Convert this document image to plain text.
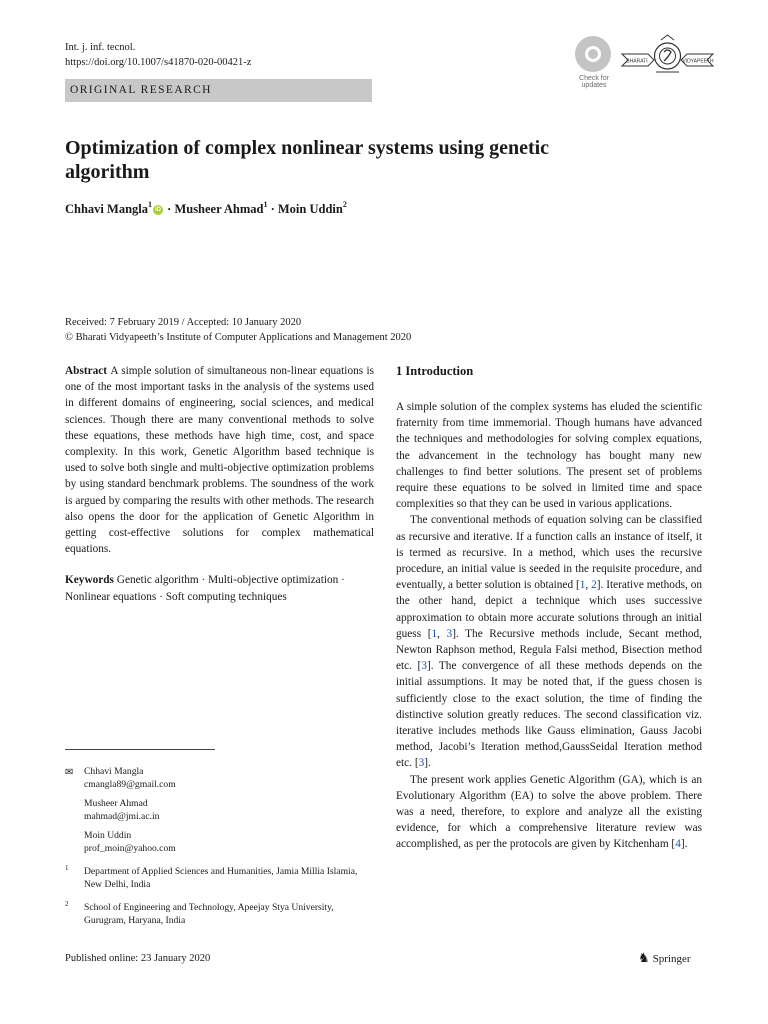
Int. j. inf. tecnol.
https://doi.org/10.1007/s41870-020-00421-z
Check for updates
BHARATI	VIDYAPEETH
ORIGINAL RESEARCH
Optimization of complex nonlinear systems using genetic algorithm
Chhavi Mangla$^1$iD · Musheer Ahmad$^1$ · Moin Uddin$^2$
Received: 7 February 2019 / Accepted: 10 January 2020
© Bharati Vidyapeeth’s Institute of Computer Applications and Management 2020

Abstract A simple solution of simultaneous non-linear equations is one of the most important tasks in the analysis of the systems used in different domains of engineering, social sciences, and medical sciences. Though there are many conventional methods to solve these equations, these methods have high time, cost, and space complexity. In this work, Genetic Algorithm based technique is used to solve both single and multi-objective optimization problems by using standard benchmark problems. The soundness of the work is argued by comparing the results with other methods. The research also opens the door for the application of Genetic Algorithm in getting cost-effective solutions for complex mathematical equations.

Keywords Genetic algorithm · Multi-objective optimization · Nonlinear equations · Soft computing techniques

✉ Chhavi Mangla
cmangla89@gmail.com
Musheer Ahmad
mahmad@jmi.ac.in
Moin Uddin
prof_moin@yahoo.com
1 Department of Applied Sciences and Humanities, Jamia Millia Islamia, New Delhi, India
2 School of Engineering and Technology, Apeejay Stya University, Gurugram, Haryana, India
1 Introduction

A simple solution of the complex systems has eluded the scientific fraternity from time immemorial. Though humans have advanced the techniques and methodologies for solving complex equations, the advancement in the technology has bought many new challenges to find better solutions. The present set of problems require these equations to be solved in limited time and space complexities so that they can be used in various applications.

The conventional methods of equation solving can be classified as recursive and iterative. If a function calls an instance of itself, it is termed as recursive. In a method, which uses the recursive procedure, an initial value is seeded in the requisite procedure, and eventually, a better solution is obtained [1, 2]. Iterative methods, on the other hand, depict a technique which uses successive approximation to obtain more accurate solutions through an initial guess [1, 3]. The Recursive methods include, Secant method, Newton Raphson method, Regula Falsi method, Bisection method etc. [3]. The convergence of all these methods depends on the initial assumptions. It may be noted that, if the guess chosen is sufficiently close to the exact solution, the time of finding the distinctive solution greatly reduces. The second classification viz. iterative includes methods like Gauss elimination, Gauss Jacobi method, Jacobi’s Iteration method,GaussSeidal Iteration method etc. [3].

The present work applies Genetic Algorithm (GA), which is an Evolutionary Algorithm (EA) to solve the above problem. There was a need, therefore, to explore and analyze all the existing evidence, for which a comprehensive literature review was accomplished, as per the protocols are given by Kitchenham [4].

Published online: 23 January 2020	♞ Springer
